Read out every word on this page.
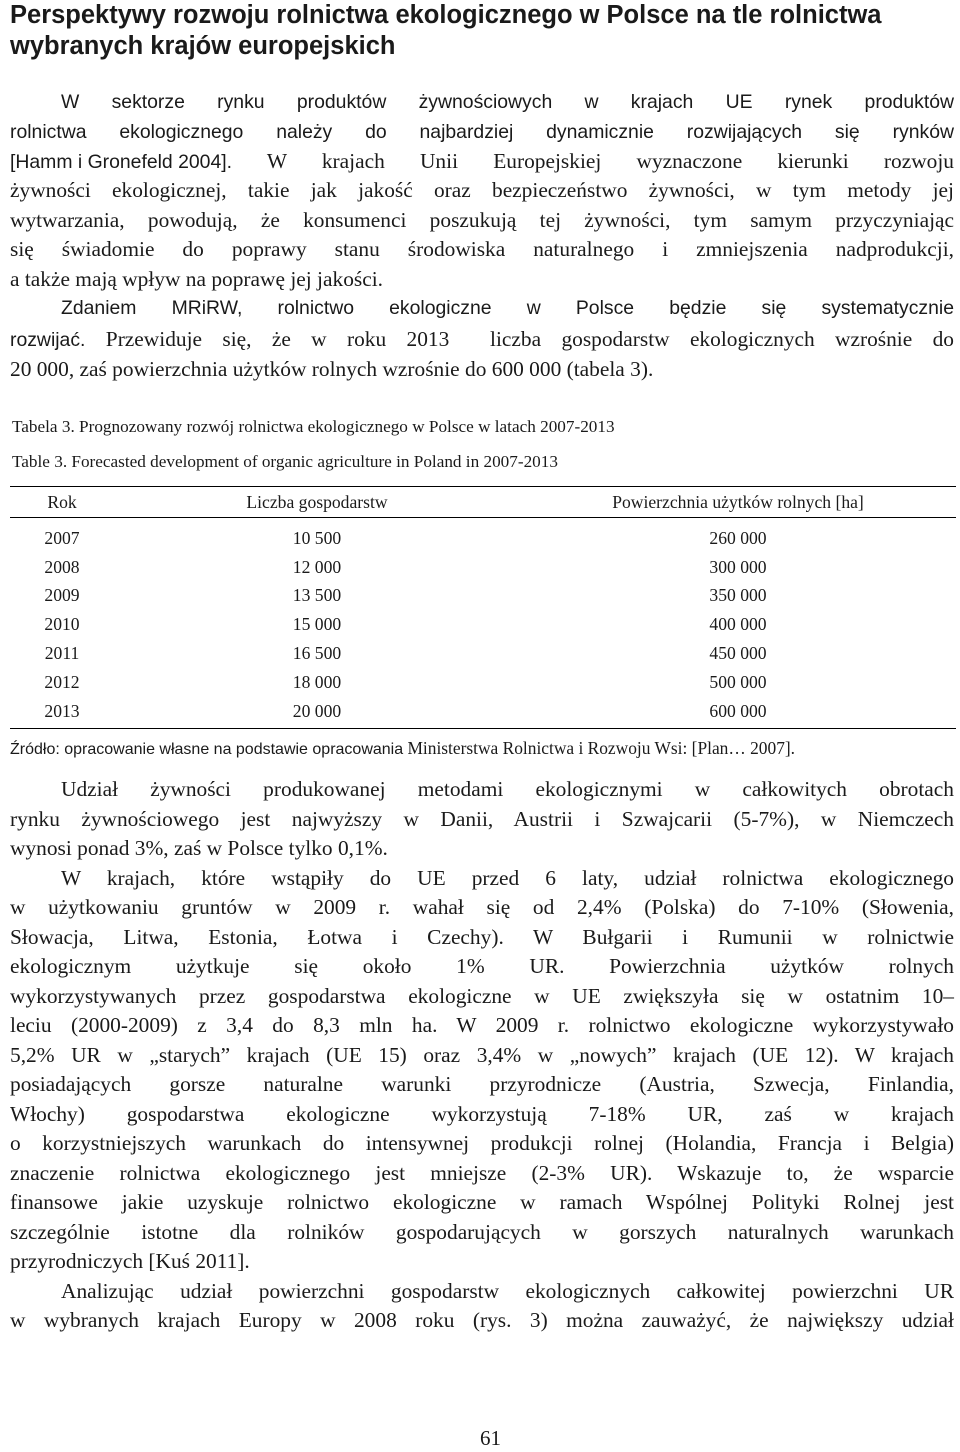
Perspektywy rozwoju rolnictwa ekologicznego w Polsce na tle rolnictwa wybranych krajów europejskich

W sektorze rynku produktów żywnościowych w krajach UE rynek produktów

rolnictwa ekologicznego należy do najbardziej dynamicznie rozwijających się rynków

[Hamm i Gronefeld 2004]. W krajach Unii Europejskiej wyznaczone kierunki rozwoju

żywności ekologicznej, takie jak jakość oraz bezpieczeństwo żywności, w tym metody jej

wytwarzania, powodują, że konsumenci poszukują tej żywności, tym samym przyczyniając

się świadomie do poprawy stanu środowiska naturalnego i zmniejszenia nadprodukcji,

a także mają wpływ na poprawę jej jakości.

Zdaniem MRiRW, rolnictwo ekologiczne w Polsce będzie się systematycznie

rozwijać. Przewiduje się, że w roku 2013  liczba gospodarstw ekologicznych wzrośnie do

20 000, zaś powierzchnia użytków rolnych wzrośnie do 600 000 (tabela 3).

Tabela 3. Prognozowany rozwój rolnictwa ekologicznego w Polsce w latach 2007-2013
Table 3. Forecasted development of organic agriculture in Poland in 2007-2013
Rok	Liczba gospodarstw	Powierzchnia użytków rolnych [ha]
2007	10 500	260 000
2008	12 000	300 000
2009	13 500	350 000
2010	15 000	400 000
2011	16 500	450 000
2012	18 000	500 000
2013	20 000	600 000
Źródło: opracowanie własne na podstawie opracowania Ministerstwa Rolnictwa i Rozwoju Wsi: [Plan… 2007].

Udział żywności produkowanej metodami ekologicznymi w całkowitych obrotach

rynku żywnościowego jest najwyższy w Danii, Austrii i Szwajcarii (5-7%), w Niemczech

wynosi ponad 3%, zaś w Polsce tylko 0,1%.

W krajach, które wstąpiły do UE przed 6 laty, udział rolnictwa ekologicznego

w użytkowaniu gruntów w 2009 r. wahał się od 2,4% (Polska) do 7-10% (Słowenia,

Słowacja, Litwa, Estonia, Łotwa i Czechy). W Bułgarii i Rumunii w rolnictwie

ekologicznym użytkuje się około 1% UR. Powierzchnia użytków rolnych

wykorzystywanych przez gospodarstwa ekologiczne w UE zwiększyła się w ostatnim 10–

leciu (2000-2009) z 3,4 do 8,3 mln ha. W 2009 r. rolnictwo ekologiczne wykorzystywało

5,2% UR w „starych” krajach (UE 15) oraz 3,4% w „nowych” krajach (UE 12). W krajach

posiadających gorsze naturalne warunki przyrodnicze (Austria, Szwecja, Finlandia,

Włochy) gospodarstwa ekologiczne wykorzystują 7-18% UR, zaś w krajach

o korzystniejszych warunkach do intensywnej produkcji rolnej (Holandia, Francja i Belgia)

znaczenie rolnictwa ekologicznego jest mniejsze (2-3% UR). Wskazuje to, że wsparcie

finansowe jakie uzyskuje rolnictwo ekologiczne w ramach Wspólnej Polityki Rolnej jest

szczególnie istotne dla rolników gospodarujących w gorszych naturalnych warunkach

przyrodniczych [Kuś 2011].

Analizując udział powierzchni gospodarstw ekologicznych całkowitej powierzchni UR

w wybranych krajach Europy w 2008 roku (rys. 3) można zauważyć, że największy udział

61
